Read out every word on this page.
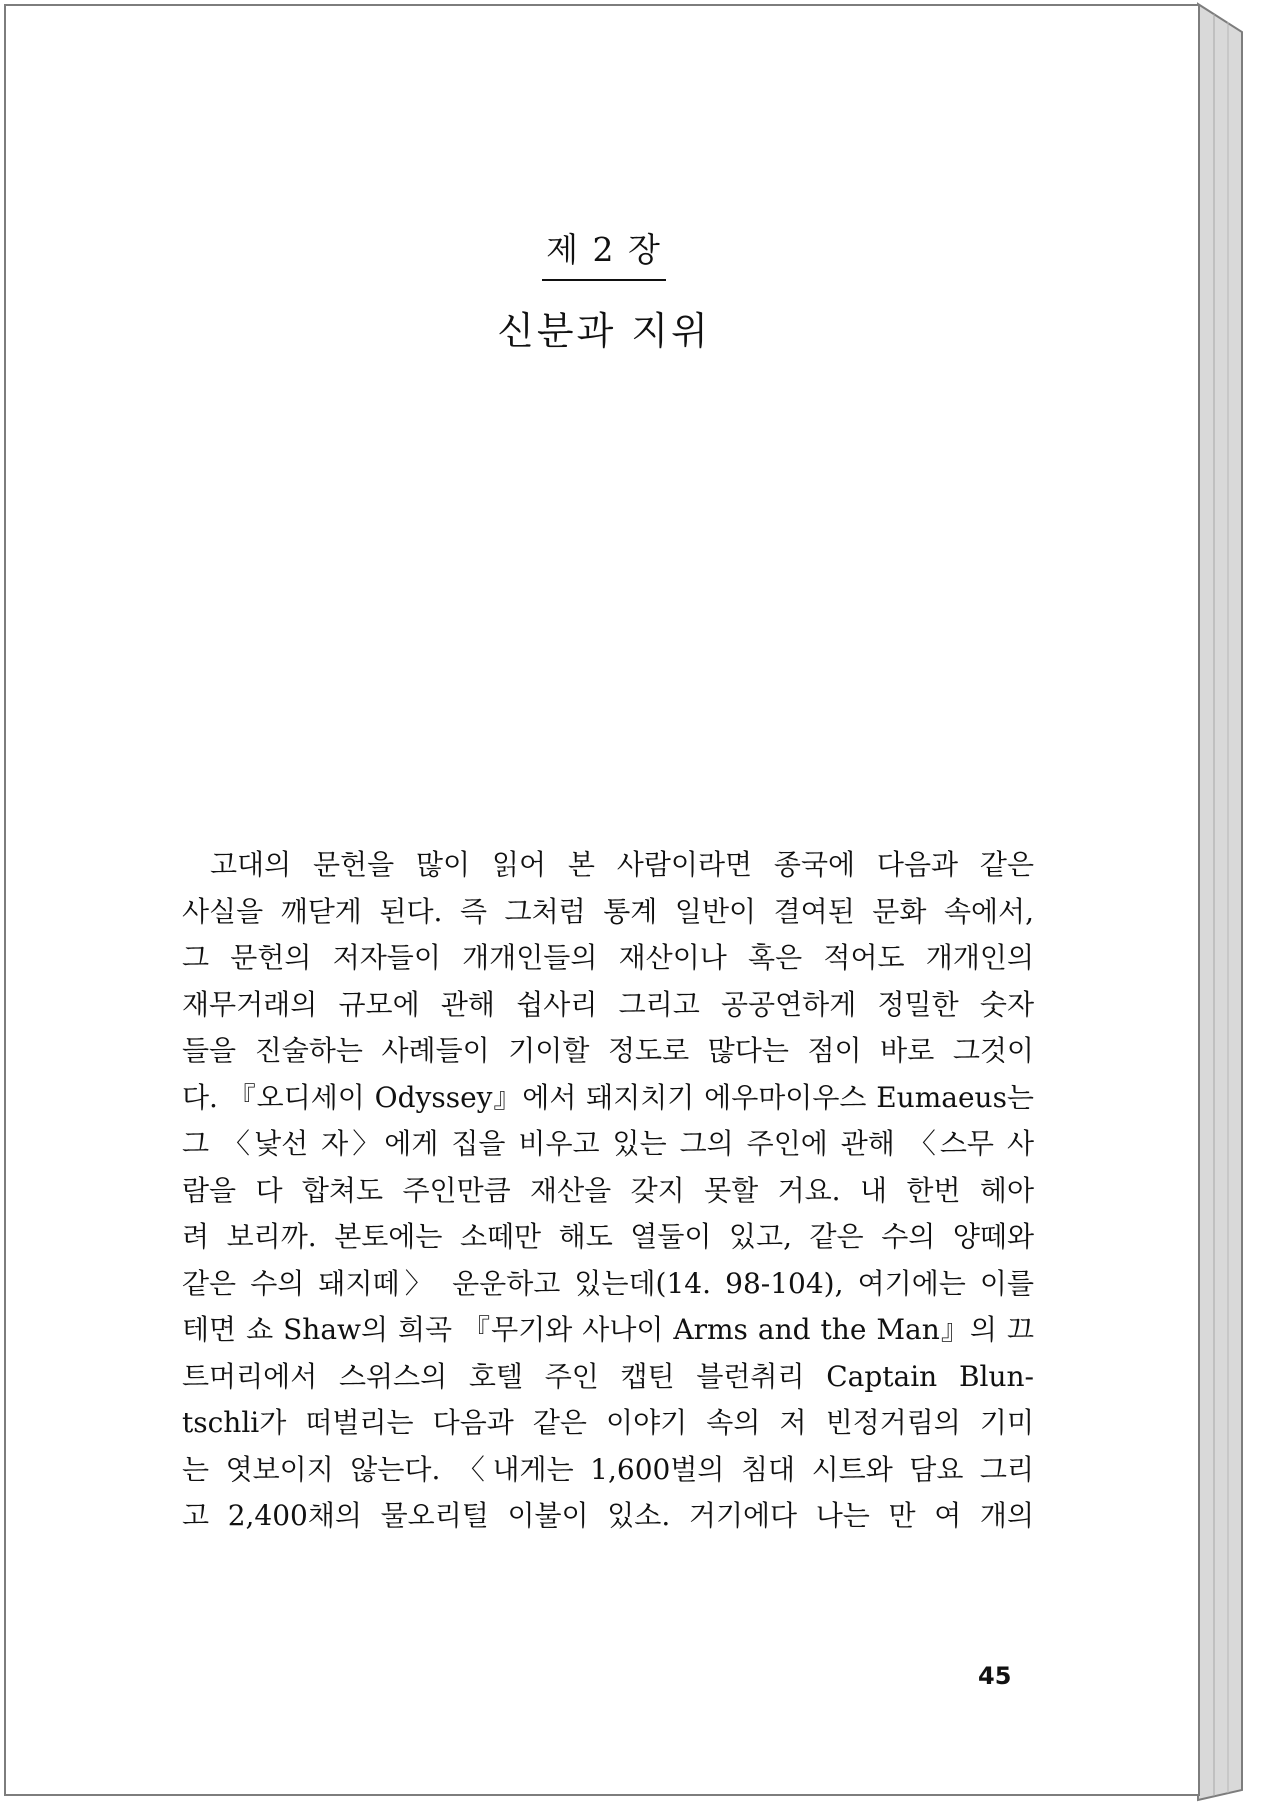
제 2 장
신분과 지위
고대의 문헌을 많이 읽어 본 사람이라면 종국에 다음과 같은
사실을 깨닫게 된다. 즉 그처럼 통계 일반이 결여된 문화 속에서,
그 문헌의 저자들이 개개인들의 재산이나 혹은 적어도 개개인의
재무거래의 규모에 관해 쉽사리 그리고 공공연하게 정밀한 숫자
들을 진술하는 사례들이 기이할 정도로 많다는 점이 바로 그것이
다. 『오디세이 Odyssey』에서 돼지치기 에우마이우스 Eumaeus는
그 〈낯선 자〉에게 집을 비우고 있는 그의 주인에 관해 〈스무 사
람을 다 합쳐도 주인만큼 재산을 갖지 못할 거요. 내 한번 헤아
려 보리까. 본토에는 소떼만 해도 열둘이 있고, 같은 수의 양떼와
같은 수의 돼지떼〉 운운하고 있는데(14. 98-104), 여기에는 이를
테면 쇼 Shaw의 희곡 『무기와 사나이 Arms and the Man』의 끄
트머리에서 스위스의 호텔 주인 캡틴 블런취리 Captain Blun-
tschli가 떠벌리는 다음과 같은 이야기 속의 저 빈정거림의 기미
는 엿보이지 않는다. 〈내게는 1,600벌의 침대 시트와 담요 그리
고 2,400채의 물오리털 이불이 있소. 거기에다 나는 만 여 개의
45
